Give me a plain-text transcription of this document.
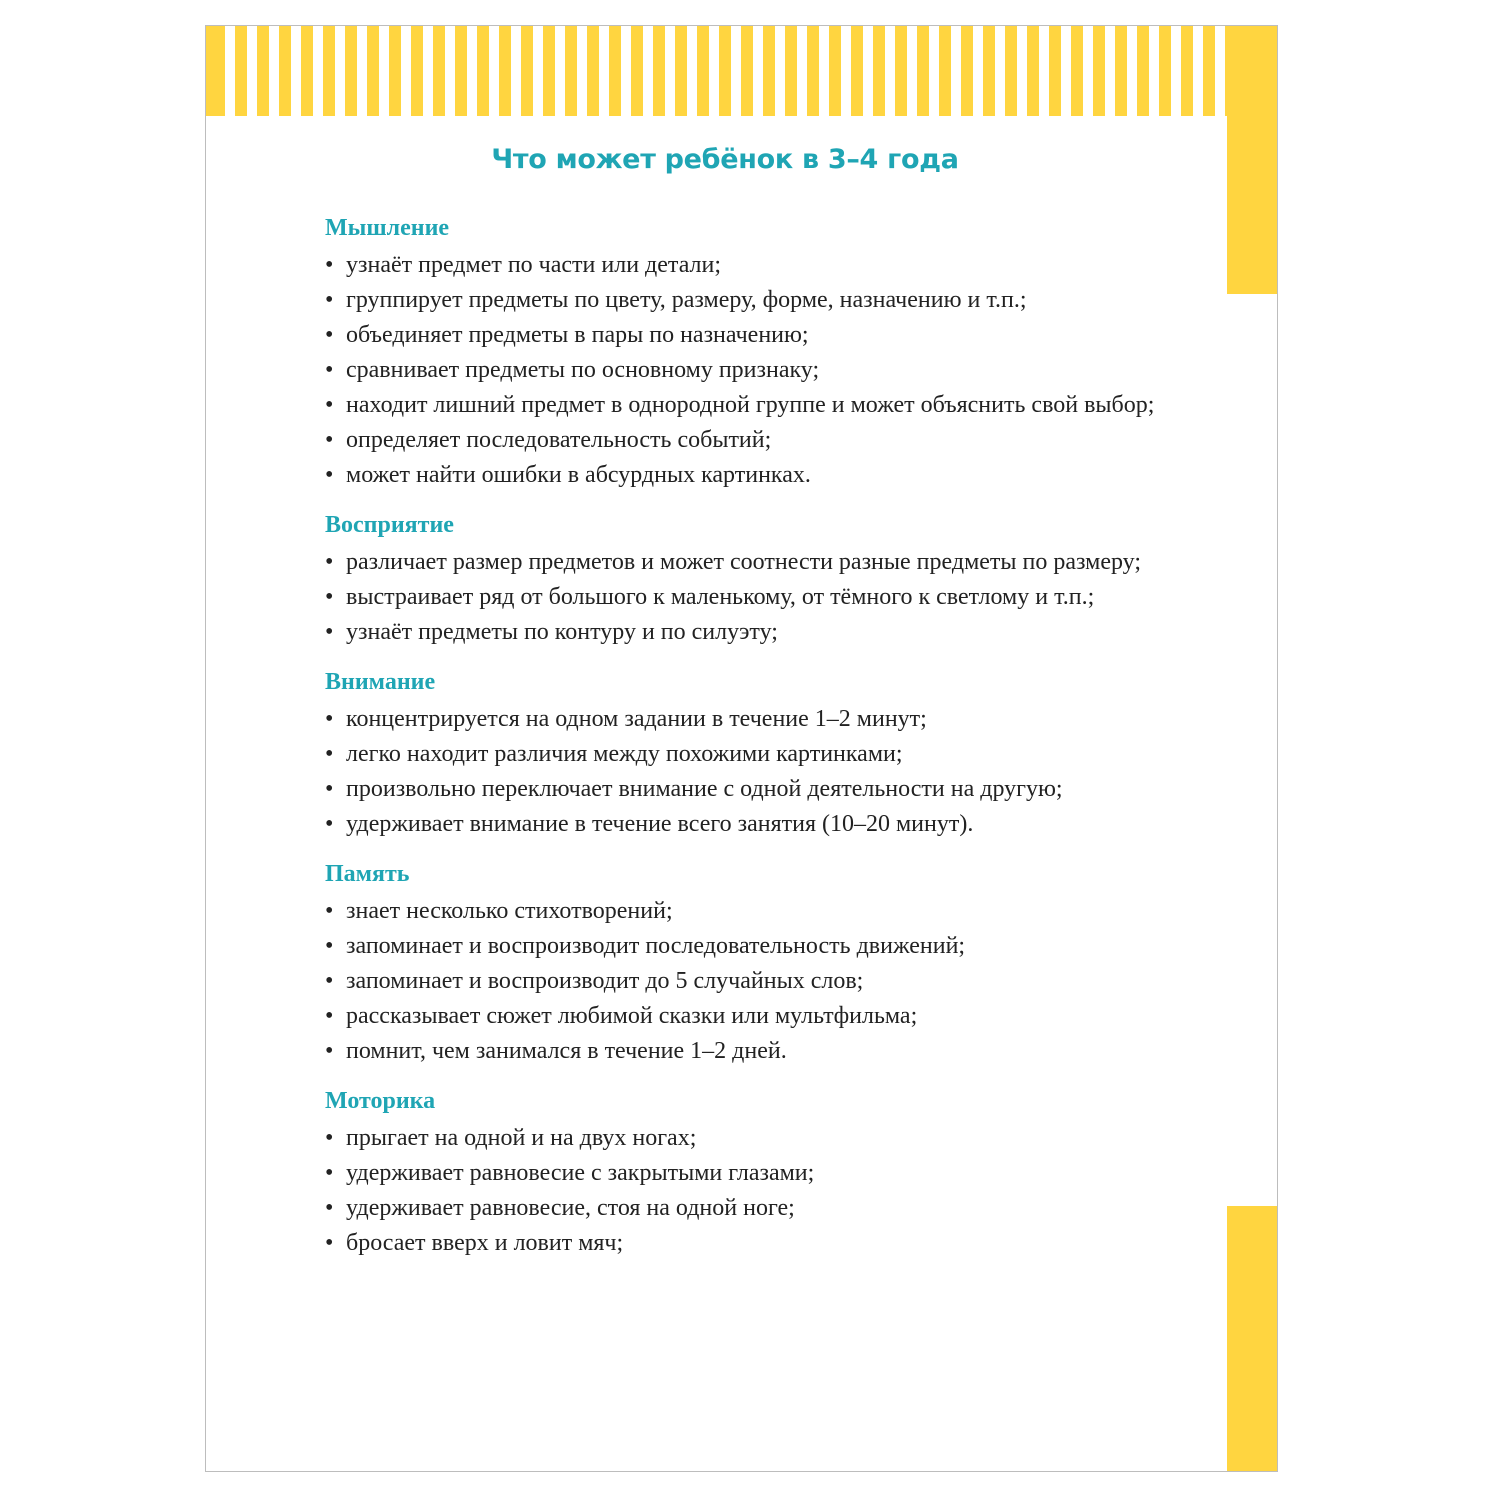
Что может ребёнок в 3–4 года
Мышление
• узнаёт предмет по части или детали;
• группирует предметы по цвету, размеру, форме, назначению и т.п.;
• объединяет предметы в пары по назначению;
• сравнивает предметы по основному признаку;
• находит лишний предмет в однородной группе и может объяснить свой выбор;
• определяет последовательность событий;
• может найти ошибки в абсурдных картинках.
Восприятие
• различает размер предметов и может соотнести разные предметы по размеру;
• выстраивает ряд от большого к маленькому, от тёмного к светлому и т.п.;
• узнаёт предметы по контуру и по силуэту;
Внимание
• концентрируется на одном задании в течение 1–2 минут;
• легко находит различия между похожими картинками;
• произвольно переключает внимание с одной деятельности на другую;
• удерживает внимание в течение всего занятия (10–20 минут).
Память
• знает несколько стихотворений;
• запоминает и воспроизводит последовательность движений;
• запоминает и воспроизводит до 5 случайных слов;
• рассказывает сюжет любимой сказки или мультфильма;
• помнит, чем занимался в течение 1–2 дней.
Моторика
• прыгает на одной и на двух ногах;
• удерживает равновесие с закрытыми глазами;
• удерживает равновесие, стоя на одной ноге;
• бросает вверх и ловит мяч;
